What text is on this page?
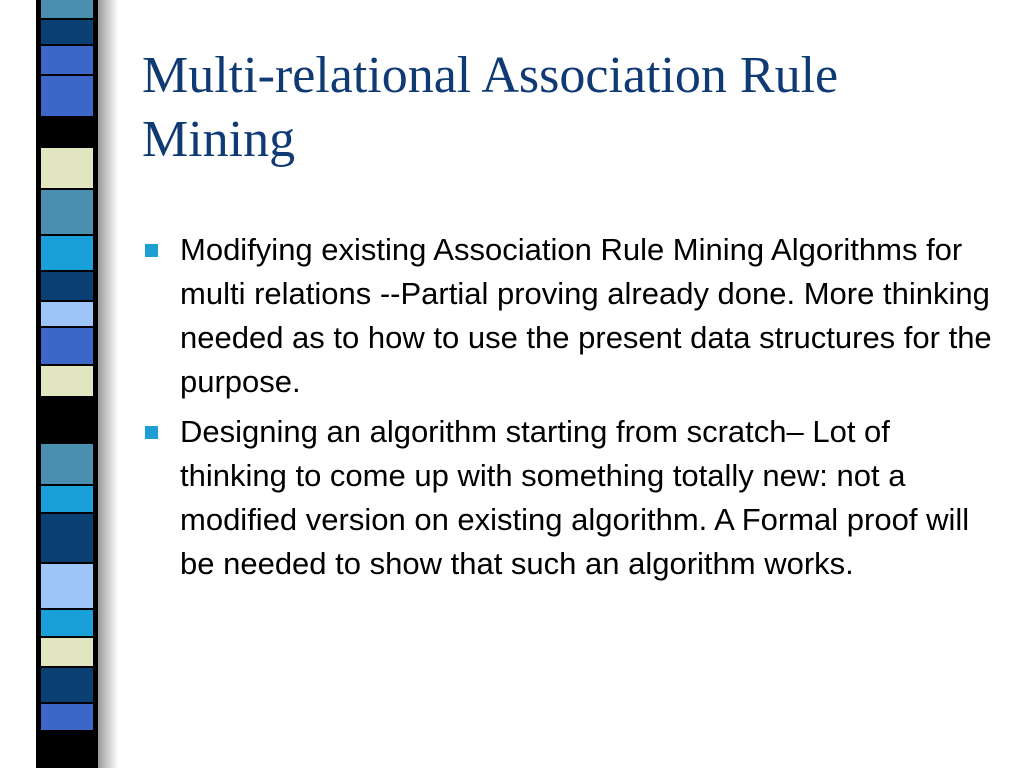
Multi-relational Association Rule Mining
Modifying existing Association Rule Mining Algorithms for multi relations --Partial proving already done. More thinking needed as to how to use the present data structures for the purpose.
Designing an algorithm starting from scratch– Lot of thinking to come up with something totally new: not a modified version on existing algorithm. A Formal proof will be needed to show that such an algorithm works.
